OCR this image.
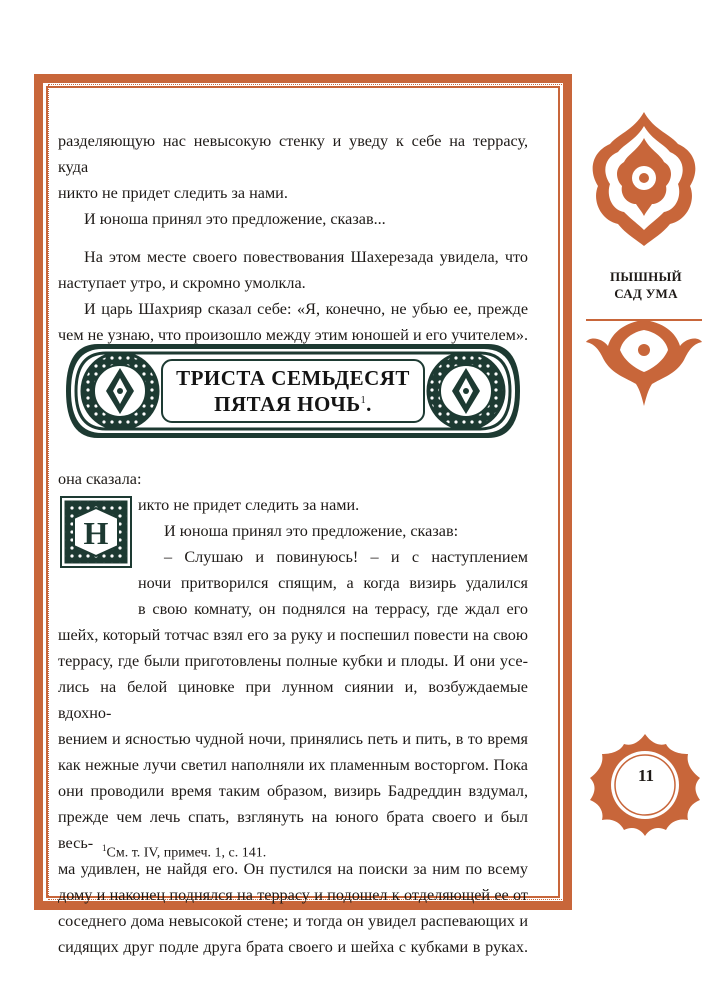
разделяющую нас невысокую стенку и уведу к себе на террасу, куда

никто не придет следить за нами.

И юноша принял это предложение, сказав...

На этом месте своего повествования Шахерезада увидела, что

наступает утро, и скромно умолкла.

И царь Шахрияр сказал себе: «Я, конечно, не убью ее, прежде

чем не узнаю, что произошло между этим юношей и его учителем».

ТРИСТА СЕМЬДЕСЯТ
ПЯТАЯ НОЧЬ$^1$.

она сказала:

Н

икто не придет следить за нами.

И юноша принял это предложение, сказав:

– Слушаю и повинуюсь! – и с наступлением

ночи притворился спящим, а когда визирь удалился

в свою комнату, он поднялся на террасу, где ждал его

шейх, который тотчас взял его за руку и поспешил повести на свою

террасу, где были приготовлены полные кубки и плоды. И они усе-

лись на белой циновке при лунном сиянии и, возбуждаемые вдохно-

вением и ясностью чудной ночи, принялись петь и пить, в то время

как нежные лучи светил наполняли их пламенным восторгом. Пока

они проводили время таким образом, визирь Бадреддин вздумал,

прежде чем лечь спать, взглянуть на юного брата своего и был весь-

ма удивлен, не найдя его. Он пустился на поиски за ним по всему

дому и наконец поднялся на террасу и подошел к отделяющей ее от

соседнего дома невысокой стене; и тогда он увидел распевающих и

сидящих друг подле друга брата своего и шейха с кубками в руках.

$^1$См. т. IV, примеч. 1, с. 141.
ПЫШНЫЙ
САД УМА
11
